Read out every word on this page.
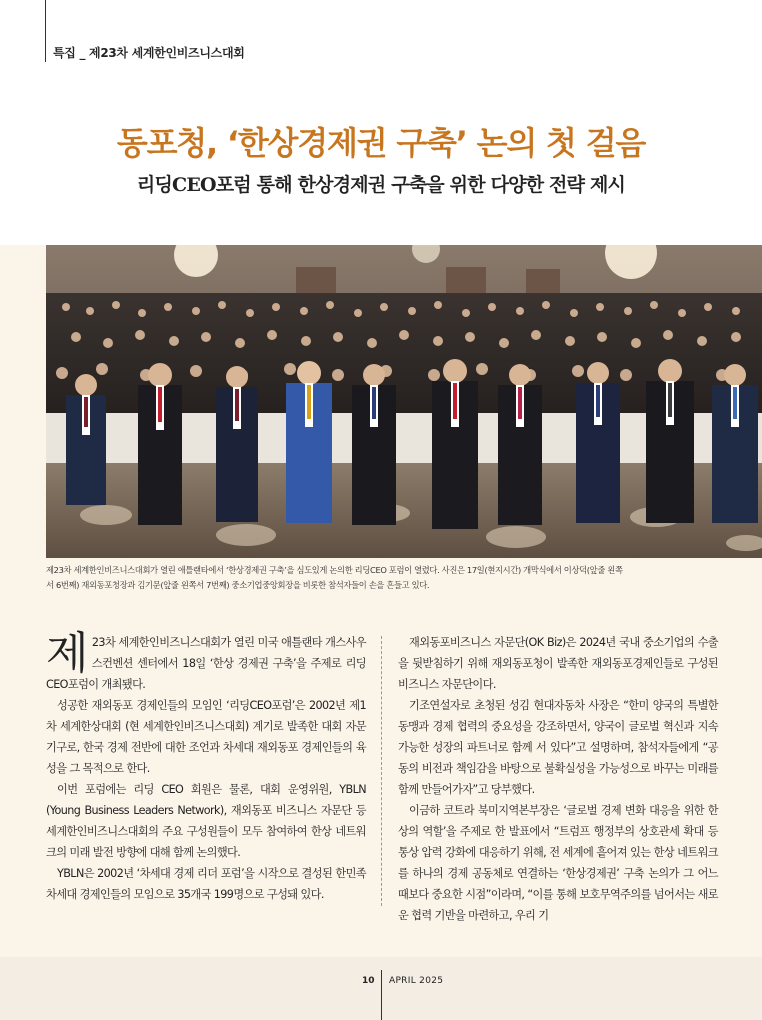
특집 _ 제23차 세계한인비즈니스대회
동포청, ‘한상경제권 구축’ 논의 첫 걸음
리딩CEO포럼 통해 한상경제권 구축을 위한 다양한 전략 제시
제23차 세계한인비즈니스대회가 열린 애틀랜타에서 ‘한상경제권 구축’을 심도있게 논의한 리딩CEO 포럼이 열렸다. 사진은 17일(현지시간) 개막식에서 이상덕(앞줄 왼쪽
서 6번째) 재외동포청장과 김기문(앞줄 왼쪽서 7번째) 중소기업중앙회장을 비롯한 참석자들이 손을 흔들고 있다.

제 23차 세계한인비즈니스대회가 열린 미국 애틀랜타 개스사우스컨벤션 센터에서 18일 ‘한상 경제권 구축’을 주제로 리딩CEO포럼이 개최됐다.

성공한 재외동포 경제인들의 모임인 ‘리딩CEO포럼’은 2002년 제1차 세계한상대회 (현 세계한인비즈니스대회) 계기로 발족한 대회 자문기구로, 한국 경제 전반에 대한 조언과 차세대 재외동포 경제인들의 육성을 그 목적으로 한다.

이번 포럼에는 리딩 CEO 회원은 물론, 대회 운영위원, YBLN (Young Business Leaders Network), 재외동포 비즈니스 자문단 등 세계한인비즈니스대회의 주요 구성원들이 모두 참여하여 한상 네트워크의 미래 발전 방향에 대해 함께 논의했다.

YBLN은 2002년 ‘차세대 경제 리더 포럼’을 시작으로 결성된 한민족 차세대 경제인들의 모임으로 35개국 199명으로 구성돼 있다.

재외동포비즈니스 자문단(OK Biz)은 2024년 국내 중소기업의 수출을 뒷받침하기 위해 재외동포청이 발족한 재외동포경제인들로 구성된 비즈니스 자문단이다.

기조연설자로 초청된 성김 현대자동차 사장은 “한미 양국의 특별한 동맹과 경제 협력의 중요성을 강조하면서, 양국이 글로벌 혁신과 지속가능한 성장의 파트너로 함께 서 있다”고 설명하며, 참석자들에게 “공동의 비전과 책임감을 바탕으로 불확실성을 가능성으로 바꾸는 미래를 함께 만들어가자”고 당부했다.

이금하 코트라 북미지역본부장은 ‘글로벌 경제 변화 대응을 위한 한상의 역할’을 주제로 한 발표에서 “트럼프 행정부의 상호관세 확대 등 통상 압력 강화에 대응하기 위해, 전 세계에 흩어져 있는 한상 네트워크를 하나의 경제 공동체로 연결하는 ‘한상경제권’ 구축 논의가 그 어느 때보다 중요한 시점”이라며, “이를 통해 보호무역주의를 넘어서는 새로운 협력 기반을 마련하고, 우리 기

10 APRIL 2025
